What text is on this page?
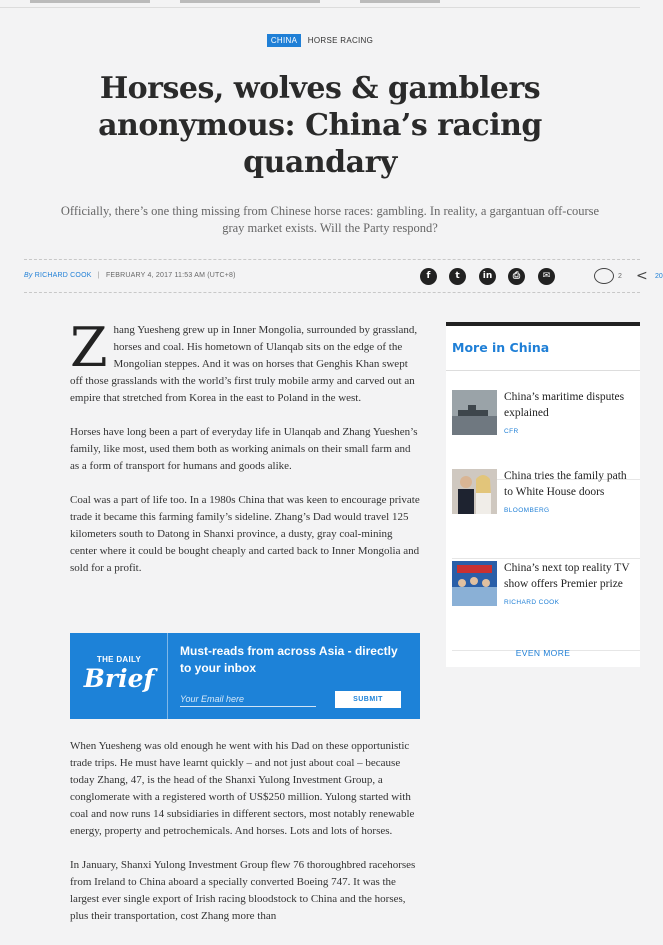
CHINA HORSE RACING
Horses, wolves & gamblers anonymous: China’s racing quandary

Officially, there’s one thing missing from Chinese horse races: gambling. In reality, a gargantuan off-course gray market exists. Will the Party respond?

By RICHARD COOK | FEBRUARY 4, 2017 11:53 AM (UTC+8)	f	t	in	⎙	✉	2 < 20

Zhang Yuesheng grew up in Inner Mongolia, surrounded by grassland, horses and coal. His hometown of Ulanqab sits on the edge of the Mongolian steppes. And it was on horses that Genghis Khan swept off those grasslands with the world’s first truly mobile army and carved out an empire that stretched from Korea in the east to Poland in the west.

Horses have long been a part of everyday life in Ulanqab and Zhang Yueshen’s family, like most, used them both as working animals on their small farm and as a form of transport for humans and goods alike.

Coal was a part of life too. In a 1980s China that was keen to encourage private trade it became this farming family’s sideline. Zhang’s Dad would travel 125 kilometers south to Datong in Shanxi province, a dusty, gray coal-mining center where it could be bought cheaply and carted back to Inner Mongolia and sold for a profit.

THE DAILY
Brief
Must-reads from across Asia - directly to your inbox
Your Email here
SUBMIT

When Yuesheng was old enough he went with his Dad on these opportunistic trade trips. He must have learnt quickly – and not just about coal – because today Zhang, 47, is the head of the Shanxi Yulong Investment Group, a conglomerate with a registered worth of US$250 million. Yulong started with coal and now runs 14 subsidiaries in different sectors, most notably renewable energy, property and petrochemicals. And horses. Lots and lots of horses.

In January, Shanxi Yulong Investment Group flew 76 thoroughbred racehorses from Ireland to China aboard a specially converted Boeing 747. It was the largest ever single export of Irish racing bloodstock to China and the horses, plus their transportation, cost Zhang more than

More in China
China’s maritime disputes explained
CFR
China tries the family path to White House doors
BLOOMBERG
China’s next top reality TV show offers Premier prize
RICHARD COOK
EVEN MORE
